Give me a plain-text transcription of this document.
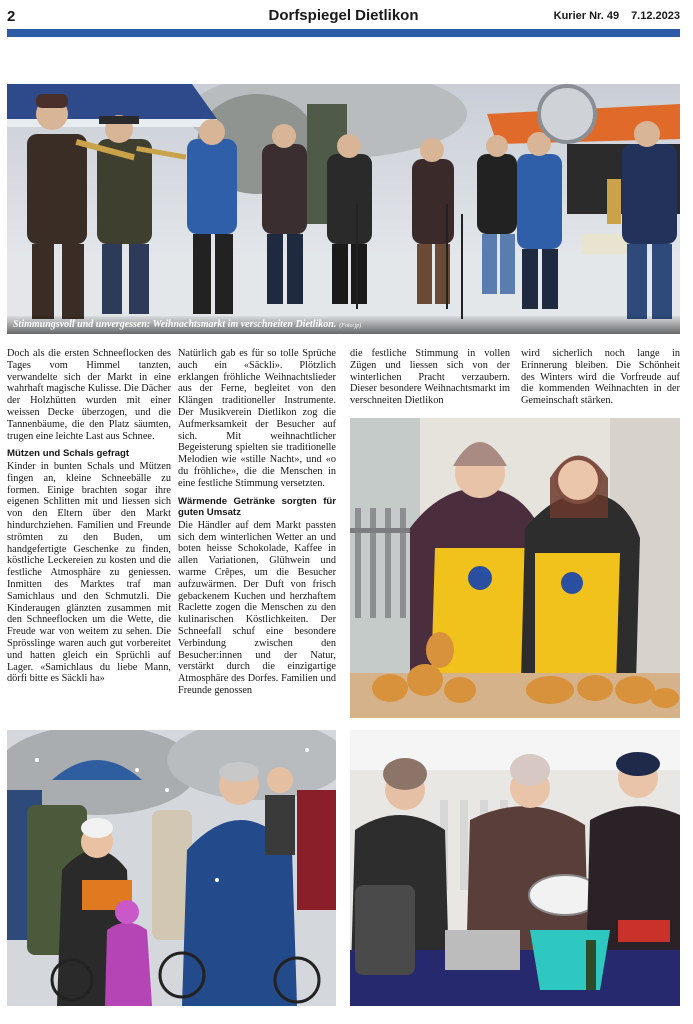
2	Dorfspiegel Dietlikon	Kurier Nr. 49 7.12.2023
Stimmungsvoll und unvergessen: Weihnachtsmarkt im verschneiten Dietlikon. (Foto:jp)

Doch als die ersten Schneeflocken des Tages vom Himmel tanzten, verwandelte sich der Markt in eine wahrhaft magische Kulisse. Die Dächer der Holzhütten wurden mit einer weissen Decke überzogen, und die Tannenbäume, die den Platz säumten, trugen eine leichte Last aus Schnee.

Mützen und Schals gefragt

Kinder in bunten Schals und Mützen fingen an, kleine Schneebälle zu formen. Einige brachten sogar ihre eigenen Schlitten mit und liessen sich von den Eltern über den Markt hindurchziehen. Familien und Freunde strömten zu den Buden, um handgefertigte Geschenke zu finden, köstliche Leckereien zu kosten und die festliche Atmosphäre zu geniessen. Inmitten des Marktes traf man Samichlaus und den Schmutzli. Die Kinderaugen glänzten zusammen mit den Schneeflocken um die Wette, die Freude war von weitem zu sehen. Die Sprösslinge waren auch gut vorbereitet und hatten gleich ein Sprüchli auf Lager. «Samichlaus du liebe Mann, dörfi bitte es Säckli ha»

Natürlich gab es für so tolle Sprüche auch ein «Säckli». Plötzlich erklangen fröhliche Weihnachtslieder aus der Ferne, begleitet von den Klängen traditioneller Instrumente. Der Musikverein Dietlikon zog die Aufmerksamkeit der Besucher auf sich. Mit weihnachtlicher Begeisterung spielten sie traditionelle Melodien wie «stille Nacht», und «o du fröhliche», die die Menschen in eine festliche Stimmung versetzten.

Wärmende Getränke sorgten für guten Umsatz

Die Händler auf dem Markt passten sich dem winterlichen Wetter an und boten heisse Schokolade, Kaffee in allen Variationen, Glühwein und warme Crêpes, um die Besucher aufzuwärmen. Der Duft von frisch gebackenem Kuchen und herzhaftem Raclette zogen die Menschen zu den kulinarischen Köstlichkeiten. Der Schneefall schuf eine besondere Verbindung zwischen den Besucher:innen und der Natur, verstärkt durch die einzigartige Atmosphäre des Dorfes. Familien und Freunde genossen

die festliche Stimmung in vollen Zügen und liessen sich von der winterlichen Pracht verzaubern. Dieser besondere Weihnachtsmarkt im verschneiten Dietlikon

wird sicherlich noch lange in Erinnerung bleiben. Die Schönheit des Winters wird die Vorfreude auf die kommenden Weihnachten in der Gemeinschaft stärken.
